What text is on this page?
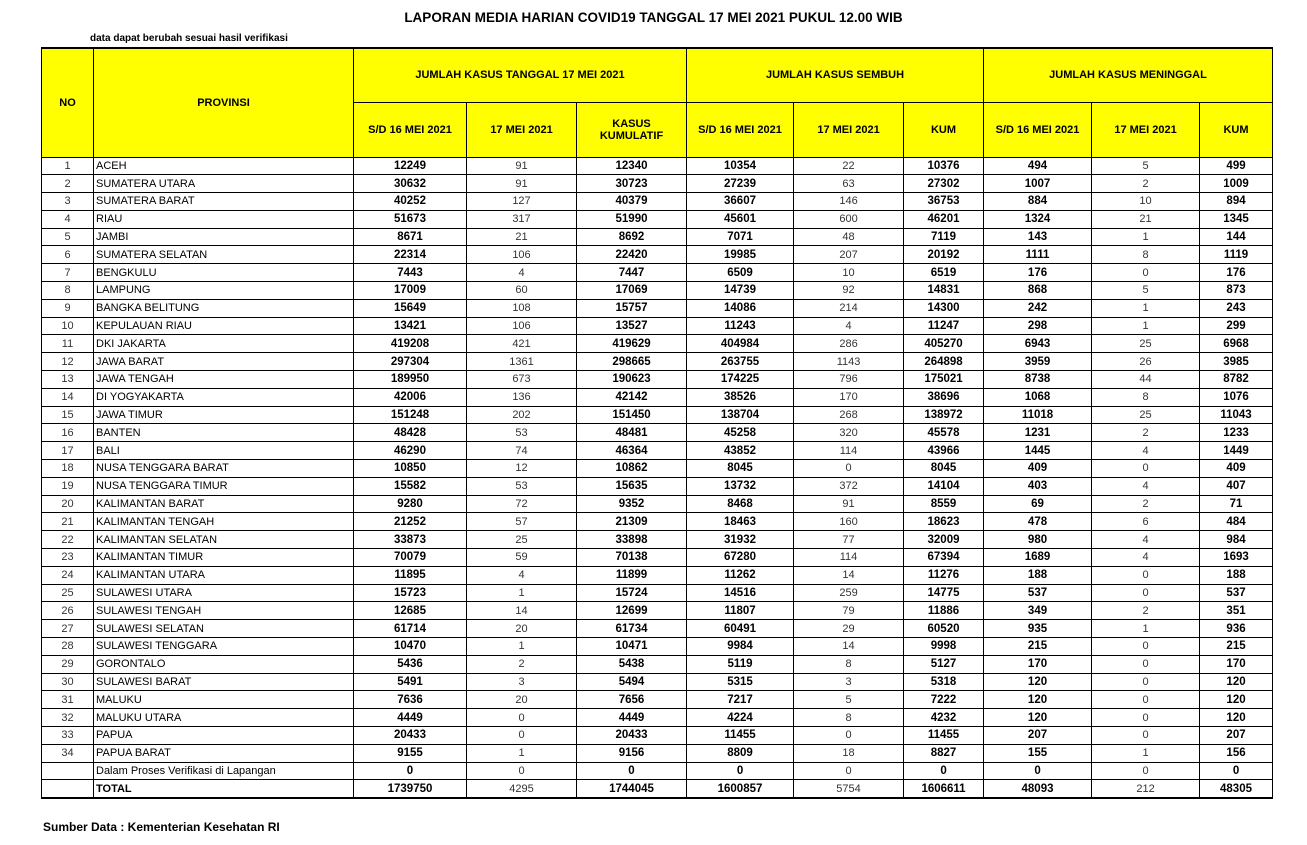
LAPORAN MEDIA HARIAN COVID19 TANGGAL 17 MEI 2021 PUKUL 12.00 WIB
data dapat berubah sesuai hasil verifikasi
NO	PROVINSI	JUMLAH KASUS TANGGAL 17 MEI 2021			JUMLAH KASUS SEMBUH			JUMLAH KASUS MENINGGAL		
		S/D 16 MEI 2021	17 MEI 2021	KASUS KUMULATIF	S/D 16 MEI 2021	17 MEI 2021	KUM	S/D 16 MEI 2021	17 MEI 2021	KUM
1	ACEH	12249	91	12340	10354	22	10376	494	5	499
2	SUMATERA UTARA	30632	91	30723	27239	63	27302	1007	2	1009
3	SUMATERA BARAT	40252	127	40379	36607	146	36753	884	10	894
4	RIAU	51673	317	51990	45601	600	46201	1324	21	1345
5	JAMBI	8671	21	8692	7071	48	7119	143	1	144
6	SUMATERA SELATAN	22314	106	22420	19985	207	20192	1111	8	1119
7	BENGKULU	7443	4	7447	6509	10	6519	176	0	176
8	LAMPUNG	17009	60	17069	14739	92	14831	868	5	873
9	BANGKA BELITUNG	15649	108	15757	14086	214	14300	242	1	243
10	KEPULAUAN RIAU	13421	106	13527	11243	4	11247	298	1	299
11	DKI JAKARTA	419208	421	419629	404984	286	405270	6943	25	6968
12	JAWA BARAT	297304	1361	298665	263755	1143	264898	3959	26	3985
13	JAWA TENGAH	189950	673	190623	174225	796	175021	8738	44	8782
14	DI YOGYAKARTA	42006	136	42142	38526	170	38696	1068	8	1076
15	JAWA TIMUR	151248	202	151450	138704	268	138972	11018	25	11043
16	BANTEN	48428	53	48481	45258	320	45578	1231	2	1233
17	BALI	46290	74	46364	43852	114	43966	1445	4	1449
18	NUSA TENGGARA BARAT	10850	12	10862	8045	0	8045	409	0	409
19	NUSA TENGGARA TIMUR	15582	53	15635	13732	372	14104	403	4	407
20	KALIMANTAN BARAT	9280	72	9352	8468	91	8559	69	2	71
21	KALIMANTAN TENGAH	21252	57	21309	18463	160	18623	478	6	484
22	KALIMANTAN SELATAN	33873	25	33898	31932	77	32009	980	4	984
23	KALIMANTAN TIMUR	70079	59	70138	67280	114	67394	1689	4	1693
24	KALIMANTAN UTARA	11895	4	11899	11262	14	11276	188	0	188
25	SULAWESI UTARA	15723	1	15724	14516	259	14775	537	0	537
26	SULAWESI TENGAH	12685	14	12699	11807	79	11886	349	2	351
27	SULAWESI SELATAN	61714	20	61734	60491	29	60520	935	1	936
28	SULAWESI TENGGARA	10470	1	10471	9984	14	9998	215	0	215
29	GORONTALO	5436	2	5438	5119	8	5127	170	0	170
30	SULAWESI BARAT	5491	3	5494	5315	3	5318	120	0	120
31	MALUKU	7636	20	7656	7217	5	7222	120	0	120
32	MALUKU UTARA	4449	0	4449	4224	8	4232	120	0	120
33	PAPUA	20433	0	20433	11455	0	11455	207	0	207
34	PAPUA BARAT	9155	1	9156	8809	18	8827	155	1	156
	Dalam Proses Verifikasi di Lapangan	0	0	0	0	0	0	0	0	0
	TOTAL	1739750	4295	1744045	1600857	5754	1606611	48093	212	48305
Sumber Data : Kementerian Kesehatan RI
